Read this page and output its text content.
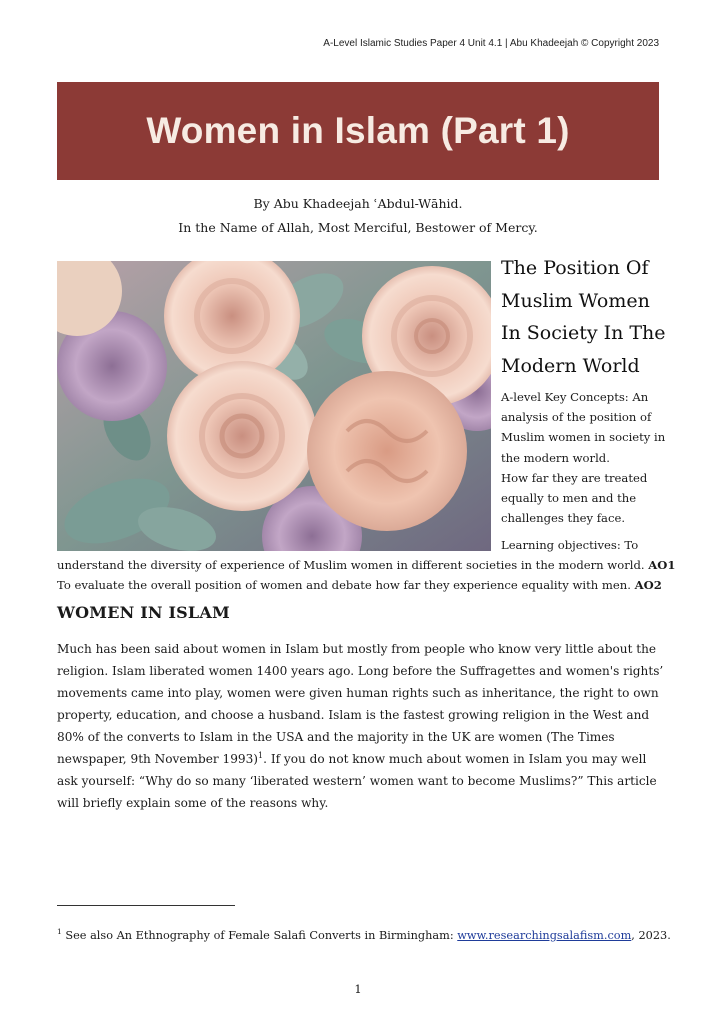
A-Level Islamic Studies Paper 4 Unit 4.1 | Abu Khadeejah © Copyright 2023
Women in Islam (Part 1)
By Abu Khadeejah ʿAbdul-Wāhid.
In the Name of Allah, Most Merciful, Bestower of Mercy.
The Position Of
Muslim Women
In Society In The
Modern World
A-level Key Concepts: An
analysis of the position of
Muslim women in society in
the modern world.
How far they are treated
equally to men and the
challenges they face.
Learning objectives: To
understand the diversity of experience of Muslim women in different societies in the modern world. AO1
To evaluate the overall position of women and debate how far they experience equality with men. AO2
WOMEN IN ISLAM
Much has been said about women in Islam but mostly from people who know very little about the
religion. Islam liberated women 1400 years ago. Long before the Suffragettes and women's rights’
movements came into play, women were given human rights such as inheritance, the right to own
property, education, and choose a husband. Islam is the fastest growing religion in the West and
80% of the converts to Islam in the USA and the majority in the UK are women (The Times
newspaper, 9th November 1993)$^1$. If you do not know much about women in Islam you may well
ask yourself: “Why do so many ‘liberated western’ women want to become Muslims?” This article
will briefly explain some of the reasons why.
$^1$ See also An Ethnography of Female Salafi Converts in Birmingham: www.researchingsalafism.com, 2023.
1
